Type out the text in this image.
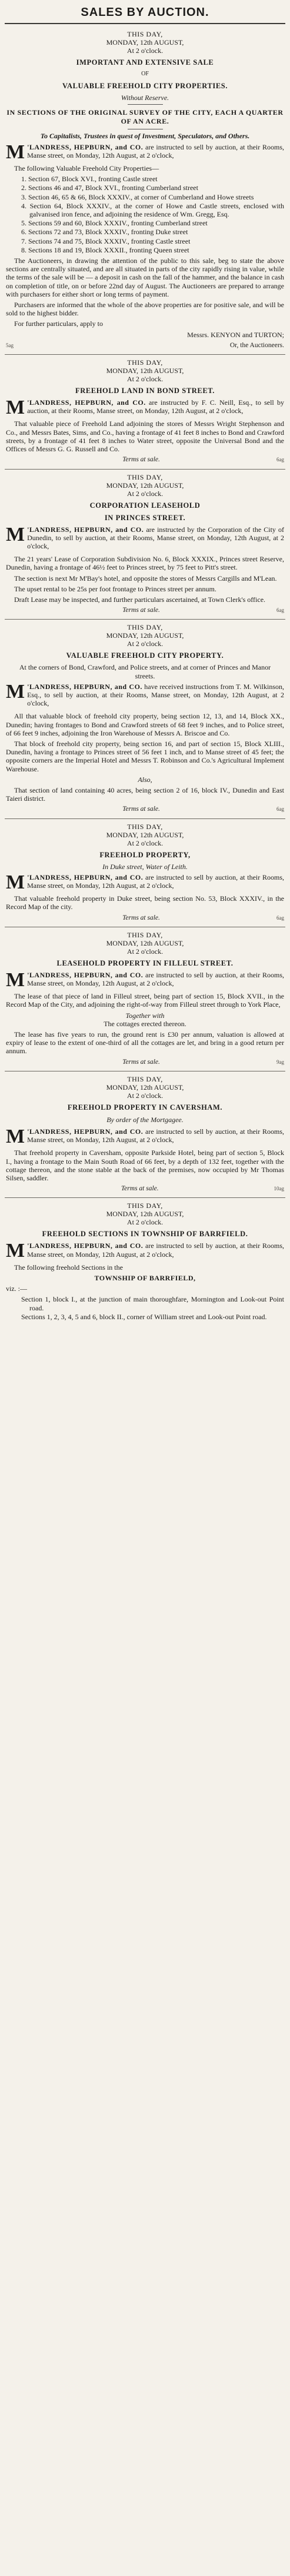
SALES BY AUCTION.
THIS DAY,
MONDAY, 12th AUGUST,
At 2 o'clock.
IMPORTANT AND EXTENSIVE SALE
OF
VALUABLE FREEHOLD CITY PROPERTIES.
Without Reserve.
IN SECTIONS OF THE ORIGINAL SURVEY OF THE CITY, EACH A QUARTER OF AN ACRE.
To Capitalists, Trustees in quest of Investment, Speculators, and Others.
M 'LANDRESS, HEPBURN, and CO. are instructed to sell by auction, at their Rooms, Manse street, on Monday, 12th August, at 2 o'clock,
The following Valuable Freehold City Properties—
1. Section 67, Block XVI., fronting Castle street
2. Sections 46 and 47, Block XVI., fronting Cumberland street
3. Section 46, 65 & 66, Block XXXIV., at corner of Cumberland and Howe streets
4. Section 64, Block XXXIV., at the corner of Howe and Castle streets, enclosed with galvanised iron fence, and adjoining the residence of Wm. Gregg, Esq.
5. Sections 59 and 60, Block XXXIV., fronting Cumberland street
6. Sections 72 and 73, Block XXXIV., fronting Duke street
7. Sections 74 and 75, Block XXXIV., fronting Castle street
8. Sections 18 and 19, Block XXXII., fronting Queen street
The Auctioneers, in drawing the attention of the public to this sale, beg to state the above sections are centrally situated, and are all situated in parts of the city rapidly rising in value, while the terms of the sale will be — a deposit in cash on the fall of the hammer, and the balance in cash on completion of title, on or before 22nd day of August. The Auctioneers are prepared to arrange with purchasers for either short or long terms of payment.
Purchasers are informed that the whole of the above properties are for positive sale, and will be sold to the highest bidder.
For further particulars, apply to
Messrs. KENYON and TURTON;
5ag	Or, the Auctioneers.
THIS DAY,
MONDAY, 12th AUGUST,
At 2 o'clock.
FREEHOLD LAND IN BOND STREET.
M 'LANDRESS, HEPBURN, and CO. are instructed by F. C. Neill, Esq., to sell by auction, at their Rooms, Manse street, on Monday, 12th August, at 2 o'clock,
That valuable piece of Freehold Land adjoining the stores of Messrs Wright Stephenson and Co., and Messrs Bates, Sims, and Co., having a frontage of 41 feet 8 inches to Bond and Crawford streets, by a frontage of 41 feet 8 inches to Water street, opposite the Universal Bond and the Offices of Messrs G. G. Russell and Co.
Terms at sale.	6ag
THIS DAY,
MONDAY, 12th AUGUST,
At 2 o'clock.
CORPORATION LEASEHOLD
IN PRINCES STREET.
M 'LANDRESS, HEPBURN, and CO. are instructed by the Corporation of the City of Dunedin, to sell by auction, at their Rooms, Manse street, on Monday, 12th August, at 2 o'clock,
The 21 years' Lease of Corporation Subdivision No. 6, Block XXXIX., Princes street Reserve, Dunedin, having a frontage of 46½ feet to Princes street, by 75 feet to Pitt's street.
The section is next Mr M'Bay's hotel, and opposite the stores of Messrs Cargills and M'Lean.
The upset rental to be 25s per foot frontage to Princes street per annum.
Draft Lease may be inspected, and further particulars ascertained, at Town Clerk's office.
Terms at sale.	6ag
THIS DAY,
MONDAY, 12th AUGUST,
At 2 o'clock.
VALUABLE FREEHOLD CITY PROPERTY.
At the corners of Bond, Crawford, and Police streets, and at corner of Princes and Manor streets.
M 'LANDRESS, HEPBURN, and CO. have received instructions from T. M. Wilkinson, Esq., to sell by auction, at their Rooms, Manse street, on Monday, 12th August, at 2 o'clock,
All that valuable block of freehold city property, being section 12, 13, and 14, Block XX., Dunedin; having frontages to Bond and Crawford streets of 68 feet 9 inches, and to Police street, of 66 feet 9 inches, adjoining the Iron Warehouse of Messrs A. Briscoe and Co.
That block of freehold city property, being section 16, and part of section 15, Block XLIII., Dunedin, having a frontage to Princes street of 56 feet 1 inch, and to Manse street of 45 feet; the opposite corners are the Imperial Hotel and Messrs T. Robinson and Co.'s Agricultural Implement Warehouse.
Also,
That section of land containing 40 acres, being section 2 of 16, block IV., Dunedin and East Taieri district.
Terms at sale.	6ag
THIS DAY,
MONDAY, 12th AUGUST,
At 2 o'clock.
FREEHOLD PROPERTY,
In Duke street, Water of Leith.
M 'LANDRESS, HEPBURN, and CO. are instructed to sell by auction, at their Rooms, Manse street, on Monday, 12th August, at 2 o'clock,
That valuable freehold property in Duke street, being section No. 53, Block XXXIV., in the Record Map of the city.
Terms at sale.	6ag
THIS DAY,
MONDAY, 12th AUGUST,
At 2 o'clock.
LEASEHOLD PROPERTY IN FILLEUL STREET.
M 'LANDRESS, HEPBURN, and CO. are instructed to sell by auction, at their Rooms, Manse street, on Monday, 12th August, at 2 o'clock,
The lease of that piece of land in Filleul street, being part of section 15, Block XVII., in the Record Map of the City, and adjoining the right-of-way from Filleul street through to York Place,
Together with
The cottages erected thereon.
The lease has five years to run, the ground rent is £30 per annum, valuation is allowed at expiry of lease to the extent of one-third of all the cottages are let, and bring in a good return per annum.
Terms at sale.	9ag
THIS DAY,
MONDAY, 12th AUGUST,
At 2 o'clock.
FREEHOLD PROPERTY IN CAVERSHAM.
By order of the Mortgagee.
M 'LANDRESS, HEPBURN, and CO. are instructed to sell by auction, at their Rooms, Manse street, on Monday, 12th August, at 2 o'clock,
That freehold property in Caversham, opposite Parkside Hotel, being part of section 5, Block I., having a frontage to the Main South Road of 66 feet, by a depth of 132 feet, together with the cottage thereon, and the stone stable at the back of the premises, now occupied by Mr Thomas Silsen, saddler.
Terms at sale.	10ag
THIS DAY,
MONDAY, 12th AUGUST,
At 2 o'clock.
FREEHOLD SECTIONS IN TOWNSHIP OF BARRFIELD.
M 'LANDRESS, HEPBURN, and CO. are instructed to sell by auction, at their Rooms, Manse street, on Monday, 12th August, at 2 o'clock,
The following freehold Sections in the
TOWNSHIP OF BARRFIELD,
viz. :—
Section 1, block I., at the junction of main thoroughfare, Mornington and Look-out Point road.
Sections 1, 2, 3, 4, 5 and 6, block II., corner of William street and Look-out Point road.
